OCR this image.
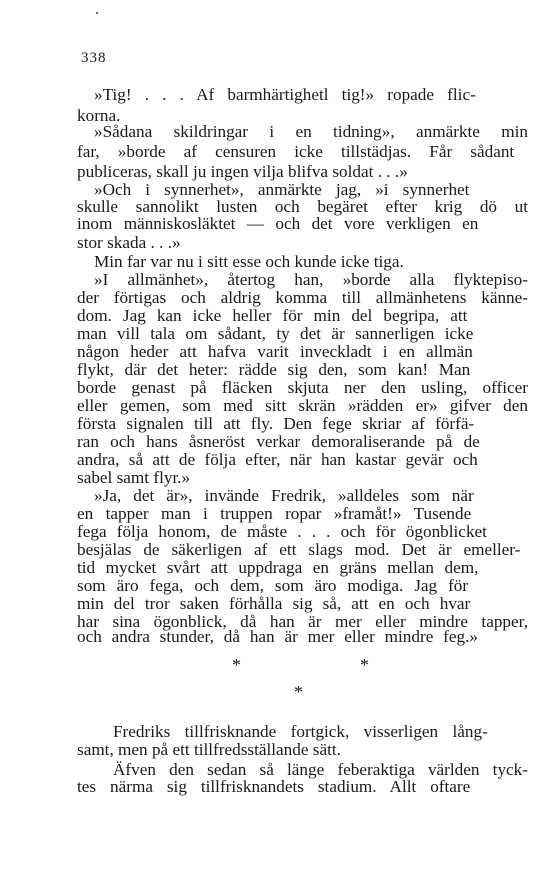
338
»Tig! . . . Af barmhärtighetl tig!» ropade flic-
korna.
»Sådana skildringar i en tidning», anmärkte min
far, »borde af censuren icke tillstädjas. Får sådant
publiceras, skall ju ingen vilja blifva soldat . . .»
»Och i synnerhet», anmärkte jag, »i synnerhet
skulle sannolikt lusten och begäret efter krig dö ut
inom människosläktet — och det vore verkligen en
stor skada . . .»
Min far var nu i sitt esse och kunde icke tiga.
»I allmänhet», återtog han, »borde alla flyktepiso-
der förtigas och aldrig komma till allmänhetens känne-
dom. Jag kan icke heller för min del begripa, att
man vill tala om sådant, ty det är sannerligen icke
någon heder att hafva varit inveckladt i en allmän
flykt, där det heter: rädde sig den, som kan! Man
borde genast på fläcken skjuta ner den usling, officer
eller gemen, som med sitt skrän »rädden er» gifver den
första signalen till att fly. Den fege skriar af förfä-
ran och hans åsneröst verkar demoraliserande på de
andra, så att de följa efter, när han kastar gevär och
sabel samt flyr.»
»Ja, det är», invände Fredrik, »alldeles som när
en tapper man i truppen ropar »framåt!» Tusende
fega följa honom, de måste . . . och för ögonblicket
besjälas de säkerligen af ett slags mod. Det är emeller-
tid mycket svårt att uppdraga en gräns mellan dem,
som äro fega, och dem, som äro modiga. Jag för
min del tror saken förhålla sig så, att en och hvar
har sina ögonblick, då han är mer eller mindre tapper,
och andra stunder, då han är mer eller mindre feg.»
*	*
*
Fredriks tillfrisknande fortgick, visserligen lång-
samt, men på ett tillfredsställande sätt.
Äfven den sedan så länge feberaktiga världen tyck-
tes närma sig tillfrisknandets stadium. Allt oftare
